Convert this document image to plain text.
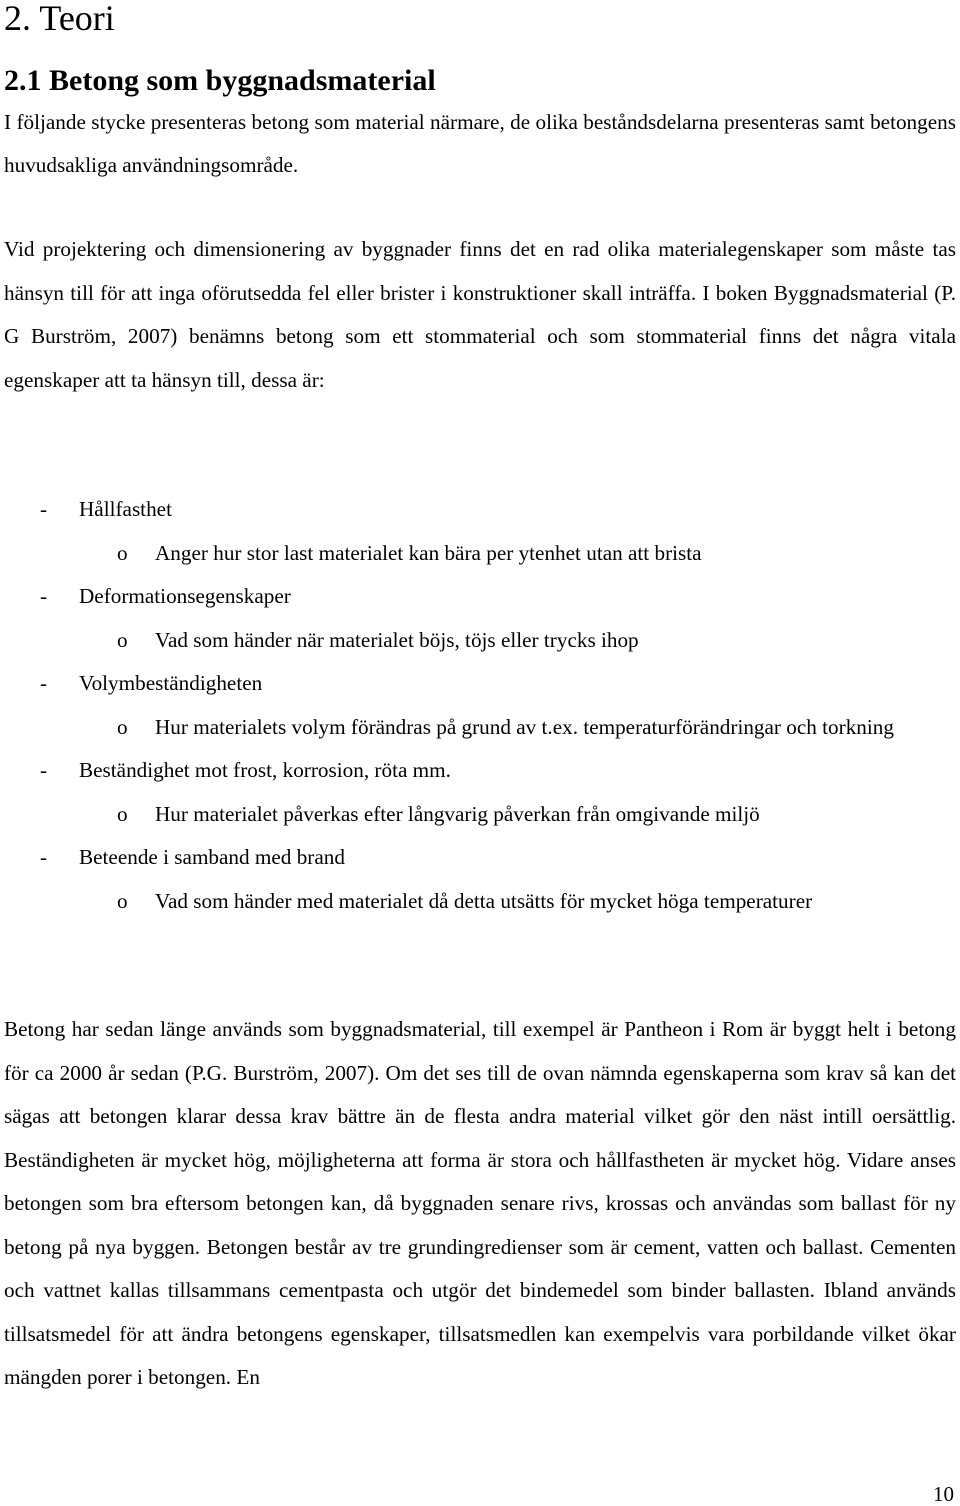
2. Teori
2.1 Betong som byggnadsmaterial

I följande stycke presenteras betong som material närmare, de olika beståndsdelarna presenteras samt betongens huvudsakliga användningsområde.

Vid projektering och dimensionering av byggnader finns det en rad olika materialegenskaper som måste tas hänsyn till för att inga oförutsedda fel eller brister i konstruktioner skall inträffa. I boken Byggnadsmaterial (P. G Burström, 2007) benämns betong som ett stommaterial och som stommaterial finns det några vitala egenskaper att ta hänsyn till, dessa är:

- Hållfasthet
o Anger hur stor last materialet kan bära per ytenhet utan att brista
- Deformationsegenskaper
o Vad som händer när materialet böjs, töjs eller trycks ihop
- Volymbeständigheten
o Hur materialets volym förändras på grund av t.ex. temperaturförändringar och torkning
- Beständighet mot frost, korrosion, röta mm.
o Hur materialet påverkas efter långvarig påverkan från omgivande miljö
- Beteende i samband med brand
o Vad som händer med materialet då detta utsätts för mycket höga temperaturer

Betong har sedan länge används som byggnadsmaterial, till exempel är Pantheon i Rom är byggt helt i betong för ca 2000 år sedan (P.G. Burström, 2007). Om det ses till de ovan nämnda egenskaperna som krav så kan det sägas att betongen klarar dessa krav bättre än de flesta andra material vilket gör den näst intill oersättlig. Beständigheten är mycket hög, möjligheterna att forma är stora och hållfastheten är mycket hög. Vidare anses betongen som bra eftersom betongen kan, då byggnaden senare rivs, krossas och användas som ballast för ny betong på nya byggen. Betongen består av tre grundingredienser som är cement, vatten och ballast. Cementen och vattnet kallas tillsammans cementpasta och utgör det bindemedel som binder ballasten. Ibland används tillsatsmedel för att ändra betongens egenskaper, tillsatsmedlen kan exempelvis vara porbildande vilket ökar mängden porer i betongen. En

10
